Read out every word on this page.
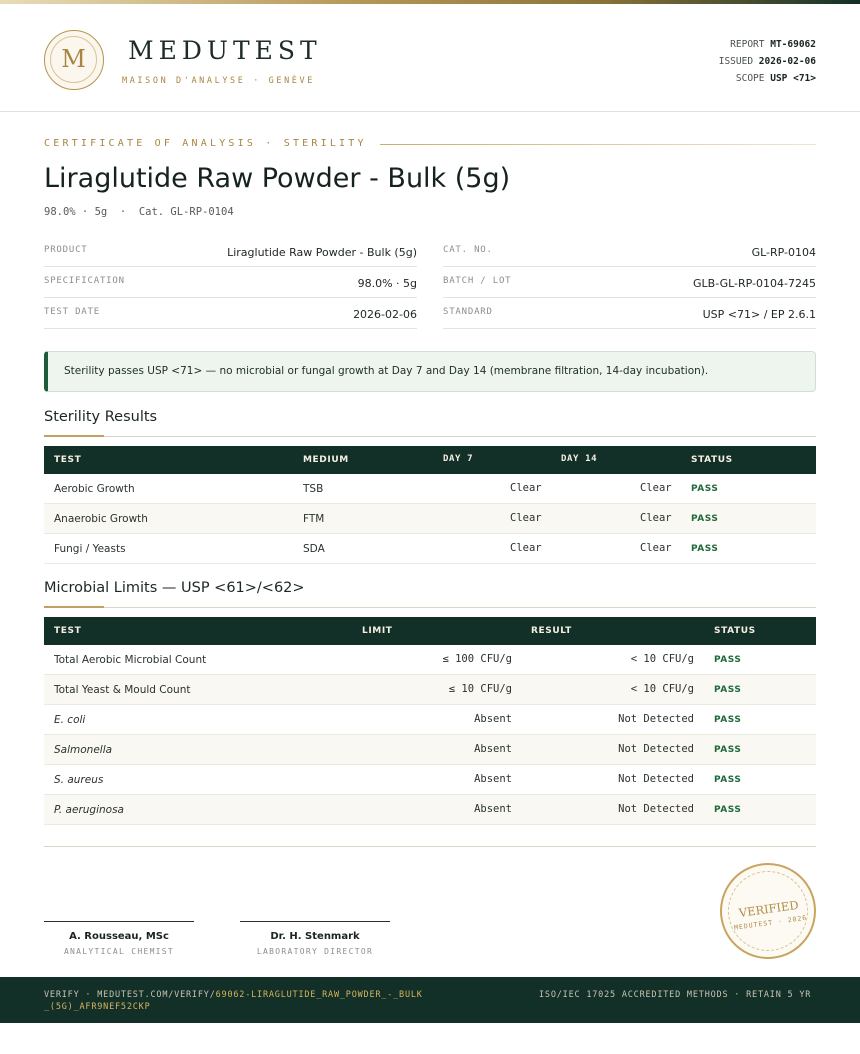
M	MEDUTEST
MAISON D'ANALYSE · GENÈVE
REPORT MT-69062
ISSUED 2026-02-06
SCOPE USP <71>
CERTIFICATE OF ANALYSIS · STERILITY
Liraglutide Raw Powder - Bulk (5g)
98.0% · 5g  ·  Cat. GL-RP-0104
PRODUCT	Liraglutide Raw Powder - Bulk (5g)
SPECIFICATION	98.0% · 5g
TEST DATE	2026-02-06
CAT. NO.	GL-RP-0104
BATCH / LOT	GLB-GL-RP-0104-7245
STANDARD	USP <71> / EP 2.6.1
Sterility passes USP <71> — no microbial or fungal growth at Day 7 and Day 14 (membrane filtration, 14-day incubation).
Sterility Results
TEST	MEDIUM	DAY 7	DAY 14	STATUS
Aerobic Growth	TSB	Clear	Clear PASS
Anaerobic Growth	FTM	Clear	Clear PASS
Fungi / Yeasts	SDA	Clear	Clear PASS
Microbial Limits — USP <61>/<62>
TEST	LIMIT	RESULT	STATUS
Total Aerobic Microbial Count	≤ 100 CFU/g	< 10 CFU/g PASS
Total Yeast & Mould Count	≤ 10 CFU/g	< 10 CFU/g PASS
E. coli	Absent	Not Detected PASS
Salmonella	Absent	Not Detected PASS
S. aureus	Absent	Not Detected PASS
P. aeruginosa	Absent	Not Detected PASS
A. Rousseau, MSc
ANALYTICAL CHEMIST
Dr. H. Stenmark
LABORATORY DIRECTOR
VERIFIED
MEDUTEST · 2026
VERIFY · MEDUTEST.COM/VERIFY/69062-LIRAGLUTIDE_RAW_POWDER_-_BULK_(5G)_AFR9NEF52CKP
ISO/IEC 17025 ACCREDITED METHODS · RETAIN 5 YR
